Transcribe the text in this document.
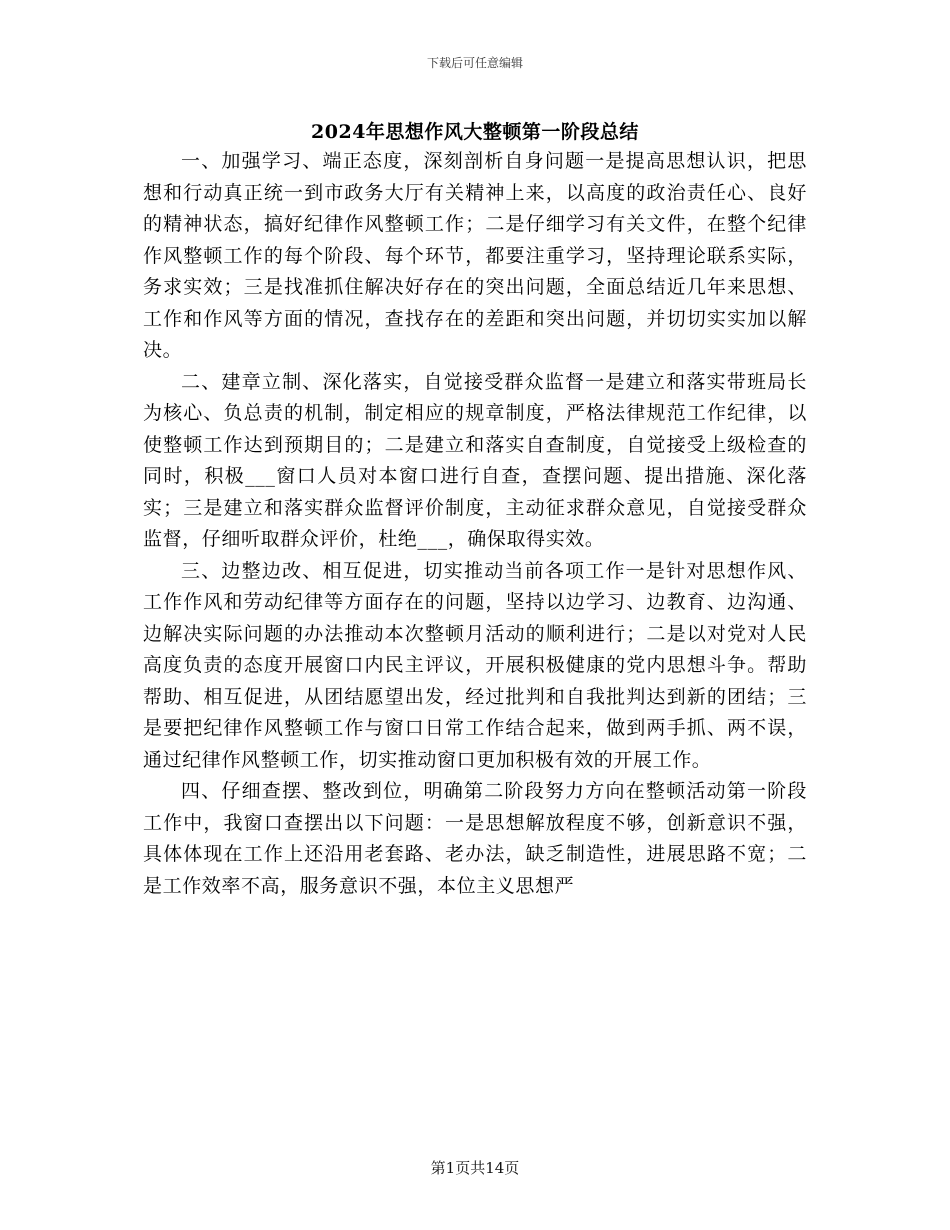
下载后可任意编辑
2024年思想作风大整顿第一阶段总结

一、加强学习、端正态度，深刻剖析自身问题一是提高思想认识，把思想和行动真正统一到市政务大厅有关精神上来，以高度的政治责任心、良好的精神状态，搞好纪律作风整顿工作；二是仔细学习有关文件，在整个纪律作风整顿工作的每个阶段、每个环节，都要注重学习，坚持理论联系实际，务求实效；三是找准抓住解决好存在的突出问题，全面总结近几年来思想、工作和作风等方面的情况，查找存在的差距和突出问题，并切切实实加以解决。

二、建章立制、深化落实，自觉接受群众监督一是建立和落实带班局长为核心、负总责的机制，制定相应的规章制度，严格法律规范工作纪律，以使整顿工作达到预期目的；二是建立和落实自查制度，自觉接受上级检查的同时，积极___窗口人员对本窗口进行自查，查摆问题、提出措施、深化落实；三是建立和落实群众监督评价制度，主动征求群众意见，自觉接受群众监督，仔细听取群众评价，杜绝___，确保取得实效。

三、边整边改、相互促进，切实推动当前各项工作一是针对思想作风、工作作风和劳动纪律等方面存在的问题，坚持以边学习、边教育、边沟通、边解决实际问题的办法推动本次整顿月活动的顺利进行；二是以对党对人民高度负责的态度开展窗口内民主评议，开展积极健康的党内思想斗争。帮助帮助、相互促进，从团结愿望出发，经过批判和自我批判达到新的团结；三是要把纪律作风整顿工作与窗口日常工作结合起来，做到两手抓、两不误，通过纪律作风整顿工作，切实推动窗口更加积极有效的开展工作。

四、仔细查摆、整改到位，明确第二阶段努力方向在整顿活动第一阶段工作中，我窗口查摆出以下问题：一是思想解放程度不够，创新意识不强，具体体现在工作上还沿用老套路、老办法，缺乏制造性，进展思路不宽；二是工作效率不高，服务意识不强，本位主义思想严

第1页共14页
